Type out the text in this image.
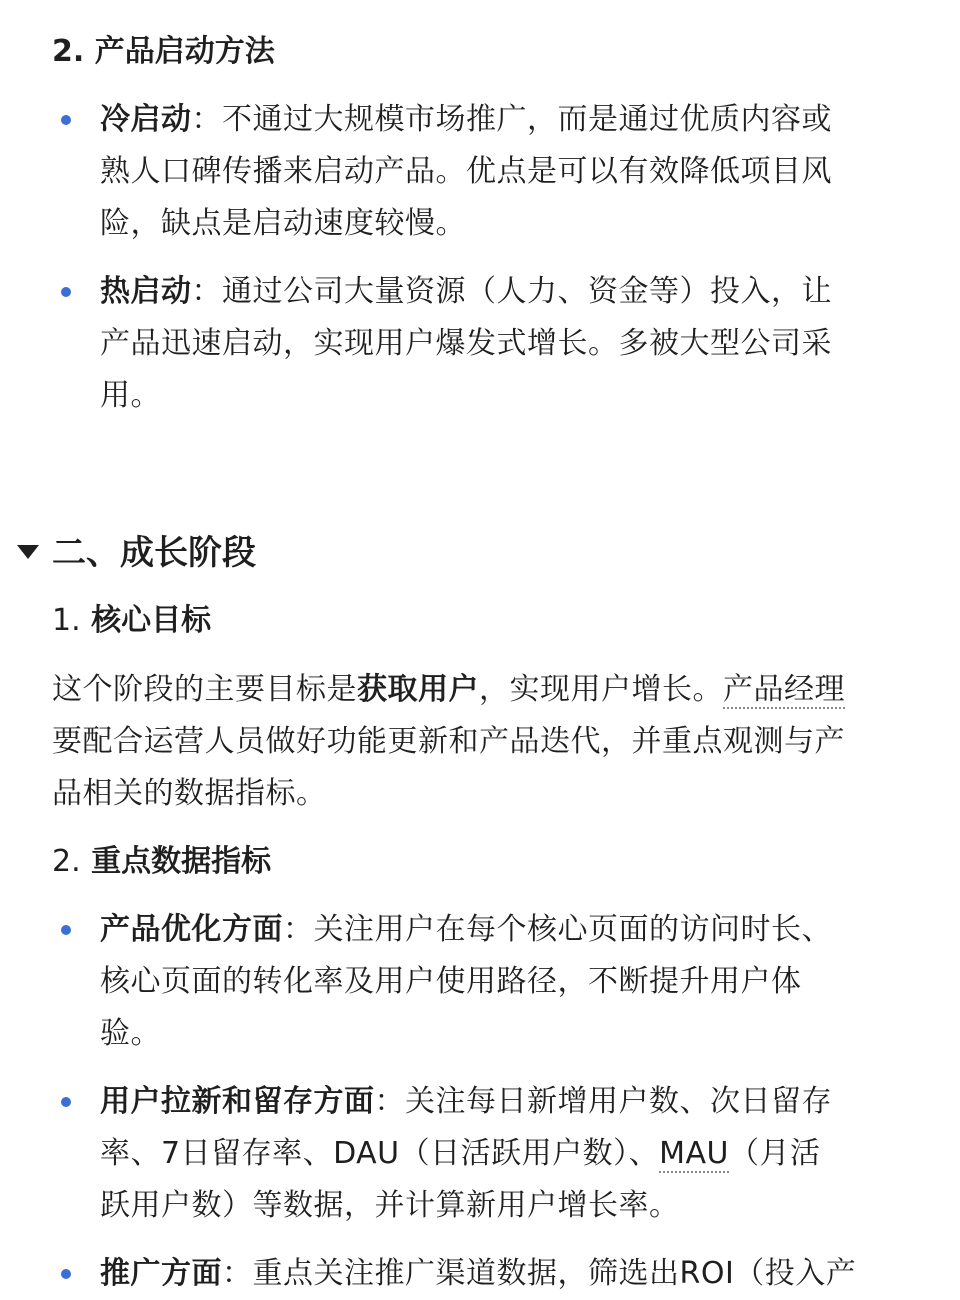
2. 产品启动方法
冷启动：不通过大规模市场推广，而是通过优质内容或
熟人口碑传播来启动产品。优点是可以有效降低项目风
险，缺点是启动速度较慢。
热启动：通过公司大量资源（人力、资金等）投入，让
产品迅速启动，实现用户爆发式增长。多被大型公司采
用。
二、成长阶段
1. 核心目标
这个阶段的主要目标是获取用户，实现用户增长。产品经理
要配合运营人员做好功能更新和产品迭代，并重点观测与产
品相关的数据指标。
2. 重点数据指标
产品优化方面：关注用户在每个核心页面的访问时长、
核心页面的转化率及用户使用路径，不断提升用户体
验。
用户拉新和留存方面：关注每日新增用户数、次日留存
率、7日留存率、DAU（日活跃用户数）、MAU（月活
跃用户数）等数据，并计算新用户增长率。
推广方面：重点关注推广渠道数据，筛选出ROI（投入产
